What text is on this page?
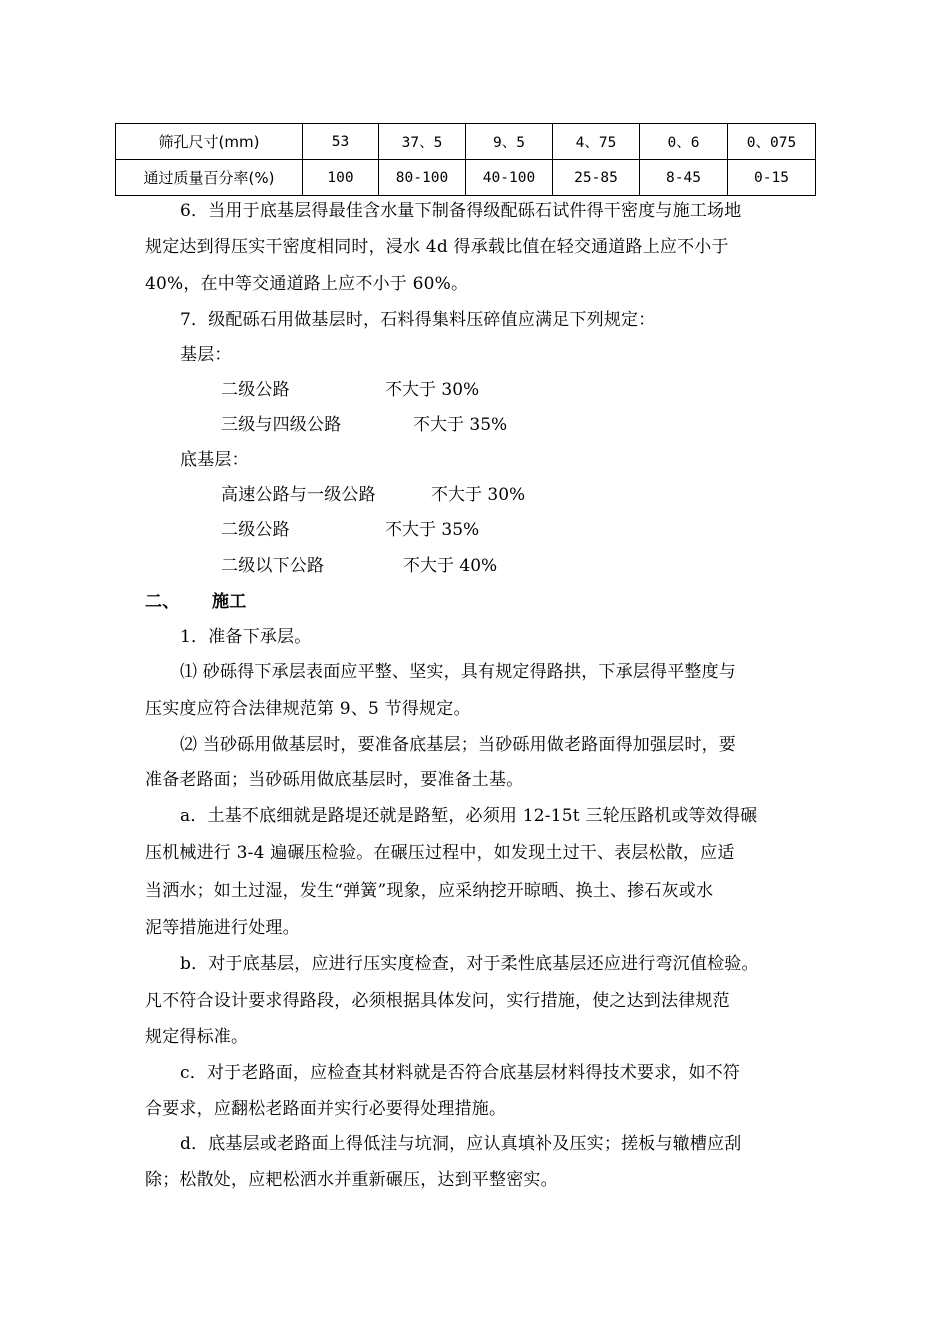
筛孔尺寸(mm)	53	37、5	9、5	4、75	0、6	0、075
通过质量百分率(%)	100	80-100	40-100	25-85	8-45	0-15
6．当用于底基层得最佳含水量下制备得级配砾石试件得干密度与施工场地
规定达到得压实干密度相同时，浸水 4d 得承载比值在轻交通道路上应不小于
40%，在中等交通道路上应不小于 60%。
7．级配砾石用做基层时，石料得集料压碎值应满足下列规定：
基层：
二级公路	不大于 30%
三级与四级公路	不大于 35%
底基层：
高速公路与一级公路	不大于 30%
二级公路	不大于 35%
二级以下公路	不大于 40%
二、 施工
1．准备下承层。
⑴ 砂砾得下承层表面应平整、坚实，具有规定得路拱，下承层得平整度与
压实度应符合法律规范第 9、5 节得规定。
⑵ 当砂砾用做基层时，要准备底基层；当砂砾用做老路面得加强层时，要
准备老路面；当砂砾用做底基层时，要准备土基。
a．土基不底细就是路堤还就是路堑，必须用 12-15t 三轮压路机或等效得碾
压机械进行 3-4 遍碾压检验。在碾压过程中，如发现土过干、表层松散，应适
当洒水；如土过湿，发生“弹簧”现象，应采纳挖开晾晒、换土、掺石灰或水
泥等措施进行处理。
b．对于底基层，应进行压实度检查，对于柔性底基层还应进行弯沉值检验。
凡不符合设计要求得路段，必须根据具体发问，实行措施，使之达到法律规范
规定得标准。
c．对于老路面，应检查其材料就是否符合底基层材料得技术要求，如不符
合要求，应翻松老路面并实行必要得处理措施。
d．底基层或老路面上得低洼与坑洞，应认真填补及压实；搓板与辙槽应刮
除；松散处，应耙松洒水并重新碾压，达到平整密实。
